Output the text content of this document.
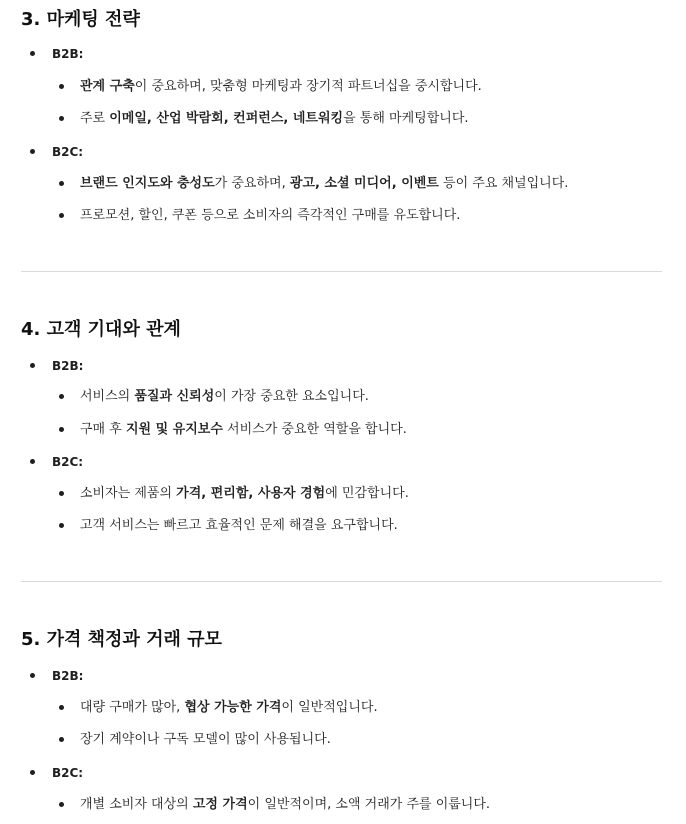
3. 마케팅 전략

B2B:

관계 구축이 중요하며, 맞춤형 마케팅과 장기적 파트너십을 중시합니다.

주로 이메일, 산업 박람회, 컨퍼런스, 네트워킹을 통해 마케팅합니다.

B2C:

브랜드 인지도와 충성도가 중요하며, 광고, 소셜 미디어, 이벤트 등이 주요 채널입니다.

프로모션, 할인, 쿠폰 등으로 소비자의 즉각적인 구매를 유도합니다.

4. 고객 기대와 관계

B2B:

서비스의 품질과 신뢰성이 가장 중요한 요소입니다.

구매 후 지원 및 유지보수 서비스가 중요한 역할을 합니다.

B2C:

소비자는 제품의 가격, 편리함, 사용자 경험에 민감합니다.

고객 서비스는 빠르고 효율적인 문제 해결을 요구합니다.

5. 가격 책정과 거래 규모

B2B:

대량 구매가 많아, 협상 가능한 가격이 일반적입니다.

장기 계약이나 구독 모델이 많이 사용됩니다.

B2C:

개별 소비자 대상의 고정 가격이 일반적이며, 소액 거래가 주를 이룹니다.
